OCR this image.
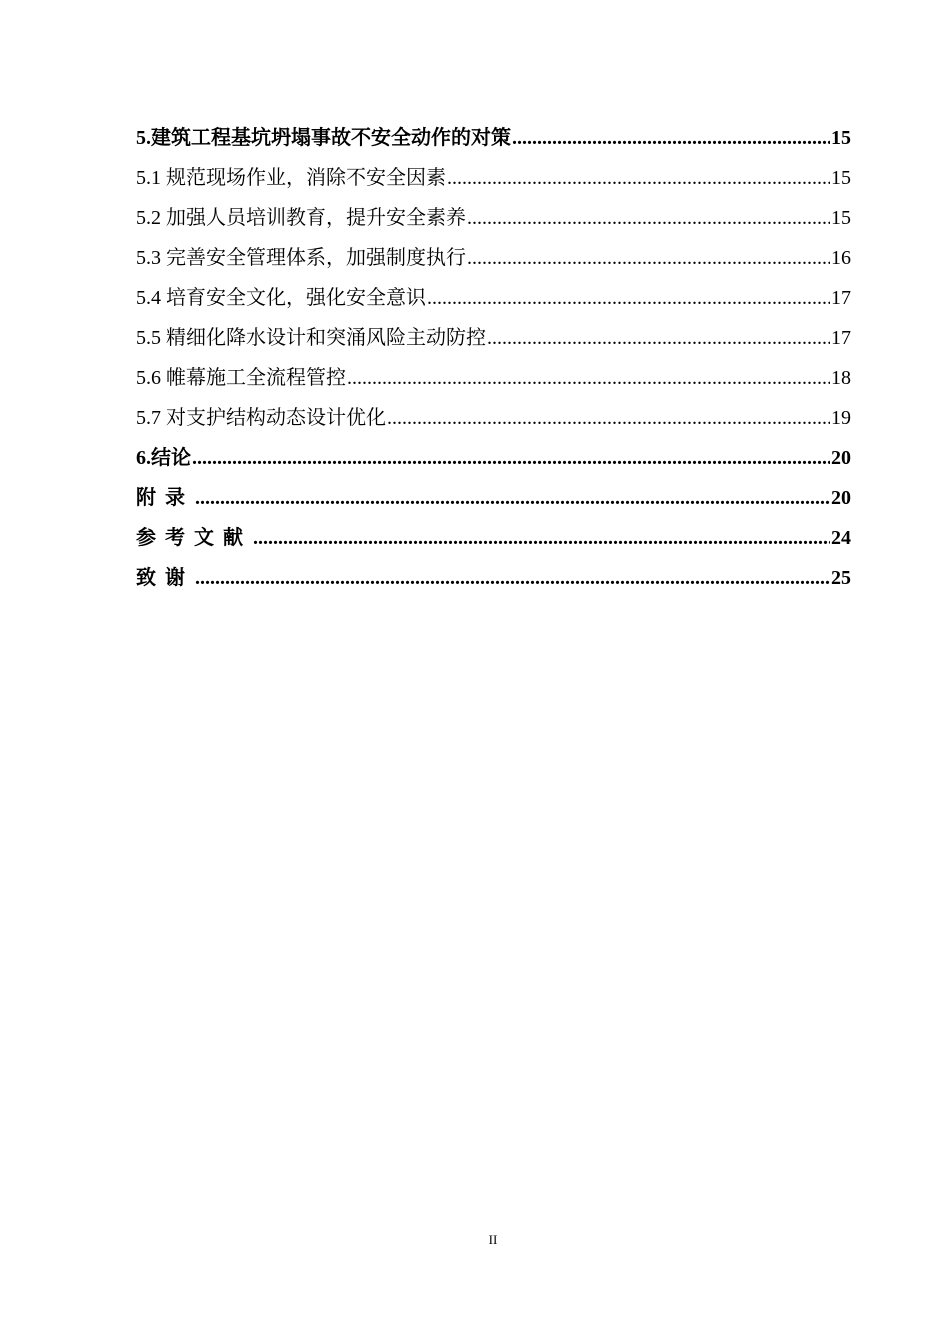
5.建筑工程基坑坍塌事故不安全动作的对策 .....	15
5.1 规范现场作业，消除不安全因素 .....	15
5.2 加强人员培训教育，提升安全素养 .....	15
5.3 完善安全管理体系，加强制度执行 .....	16
5.4 培育安全文化，强化安全意识 .....	17
5.5 精细化降水设计和突涌风险主动防控 .....	17
5.6 帷幕施工全流程管控 .....	18
5.7 对支护结构动态设计优化 .....	19
6.结论 .....	20
附录 .....	20
参考文献 .....	24
致谢 .....	25
II
